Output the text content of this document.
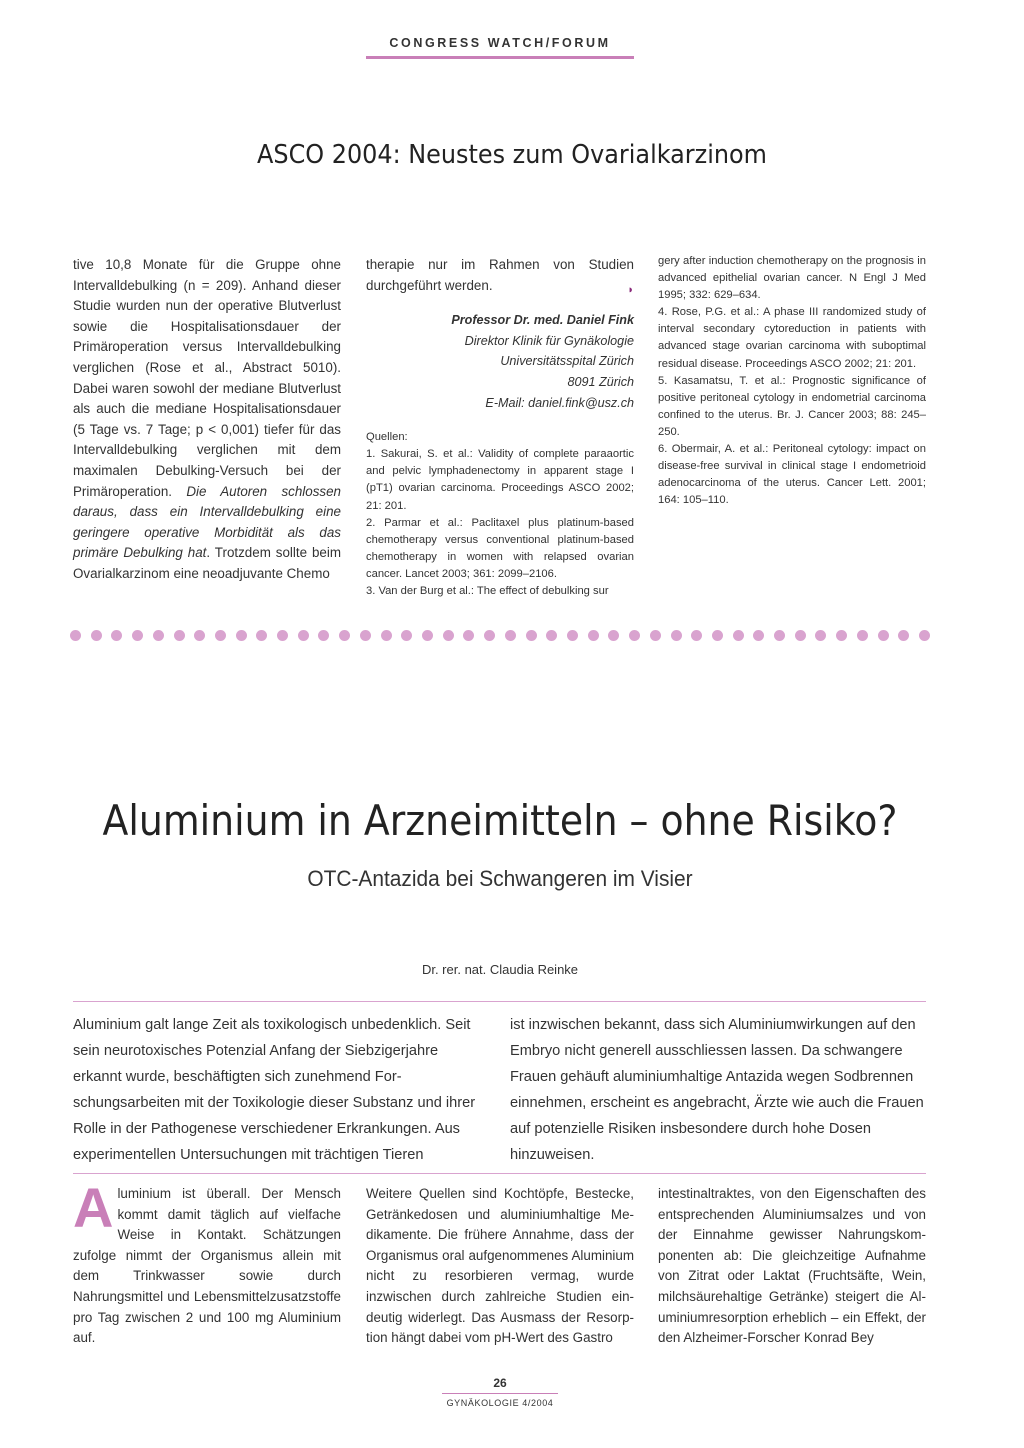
CONGRESS WATCH/FORUM
ASCO 2004: Neustes zum Ovarialkarzinom
tive 10,8 Monate für die Gruppe ohne Intervalldebulking (n = 209). Anhand dieser Studie wurden nun der operative Blutverlust sowie die Hospitalisationsdauer der Primäroperation versus Intervalldebulking verglichen (Rose et al., Abstract 5010). Dabei waren sowohl der mediane Blutverlust als auch die mediane Hospitalisationsdauer (5 Tage vs. 7 Tage; p < 0,001) tiefer für das Intervalldebulking verglichen mit dem maximalen Debulking-Versuch bei der Primäroperation. Die Autoren schlossen daraus, dass ein Intervalldebulking eine geringere operative Morbidität als das primäre Debulking hat. Trotzdem sollte beim Ovarialkarzinom eine neoadjuvante Chemo

therapie nur im Rahmen von Studien durchgeführt werden.	◗

Professor Dr. med. Daniel Fink
Direktor Klinik für Gynäkologie
Universitätsspital Zürich
8091 Zürich
E-Mail: daniel.fink@usz.ch
Quellen:
1. Sakurai, S. et al.: Validity of complete paraaortic and pelvic lymphadenectomy in apparent stage I (pT1) ovarian carcinoma. Proceedings ASCO 2002; 21: 201.
2. Parmar et al.: Paclitaxel plus platinum-based chemotherapy versus conventional platinum-based chemotherapy in women with relapsed ovarian cancer. Lancet 2003; 361: 2099–2106.
3. Van der Burg et al.: The effect of debulking sur
gery after induction chemotherapy on the prognosis in advanced epithelial ovarian cancer. N Engl J Med 1995; 332: 629–634.
4. Rose, P.G. et al.: A phase III randomized study of interval secondary cytoreduction in patients with advanced stage ovarian carcinoma with suboptimal residual disease. Proceedings ASCO 2002; 21: 201.
5. Kasamatsu, T. et al.: Prognostic significance of positive peritoneal cytology in endometrial carcinoma confined to the uterus. Br. J. Cancer 2003; 88: 245–250.
6. Obermair, A. et al.: Peritoneal cytology: impact on disease-free survival in clinical stage I endometrioid adenocarcinoma of the uterus. Cancer Lett. 2001; 164: 105–110.
Aluminium in Arzneimitteln – ohne Risiko?
OTC-Antazida bei Schwangeren im Visier
Dr. rer. nat. Claudia Reinke
Aluminium galt lange Zeit als toxikologisch unbedenklich. Seit sein neurotoxisches Potenzial Anfang der Siebzigerjahre erkannt wurde, beschäftigten sich zunehmend Forschungsarbeiten mit der Toxikologie dieser Substanz und ihrer Rolle in der Pathogenese verschiedener Erkrankungen. Aus experimentellen Untersuchungen mit trächtigen Tieren
ist inzwischen bekannt, dass sich Aluminiumwirkungen auf den Embryo nicht generell ausschliessen lassen. Da schwangere Frauen gehäuft aluminiumhaltige Antazida wegen Sodbrennen einnehmen, erscheint es angebracht, Ärzte wie auch die Frauen auf potenzielle Risiken insbesondere durch hohe Dosen hinzuweisen.
Aluminium ist überall. Der Mensch kommt damit täglich auf vielfache Weise in Kontakt. Schätzungen zufolge nimmt der Organismus allein mit dem Trinkwasser sowie durch Nahrungsmittel und Lebensmittelzusatzstoffe pro Tag zwischen 2 und 100 mg Aluminium auf.
Weitere Quellen sind Kochtöpfe, Bestecke, Getränkedosen und aluminiumhaltige Medikamente. Die frühere Annahme, dass der Organismus oral aufgenommenes Aluminium nicht zu resorbieren vermag, wurde inzwischen durch zahlreiche Studien eindeutig widerlegt. Das Ausmass der Resorption hängt dabei vom pH-Wert des Gastro
intestinaltraktes, von den Eigenschaften des entsprechenden Aluminiumsalzes und von der Einnahme gewisser Nahrungskomponenten ab: Die gleichzeitige Aufnahme von Zitrat oder Laktat (Fruchtsäfte, Wein, milchsäurehaltige Getränke) steigert die Aluminiumresorption erheblich – ein Effekt, der den Alzheimer-Forscher Konrad Bey
26
GYNÄKOLOGIE 4/2004
